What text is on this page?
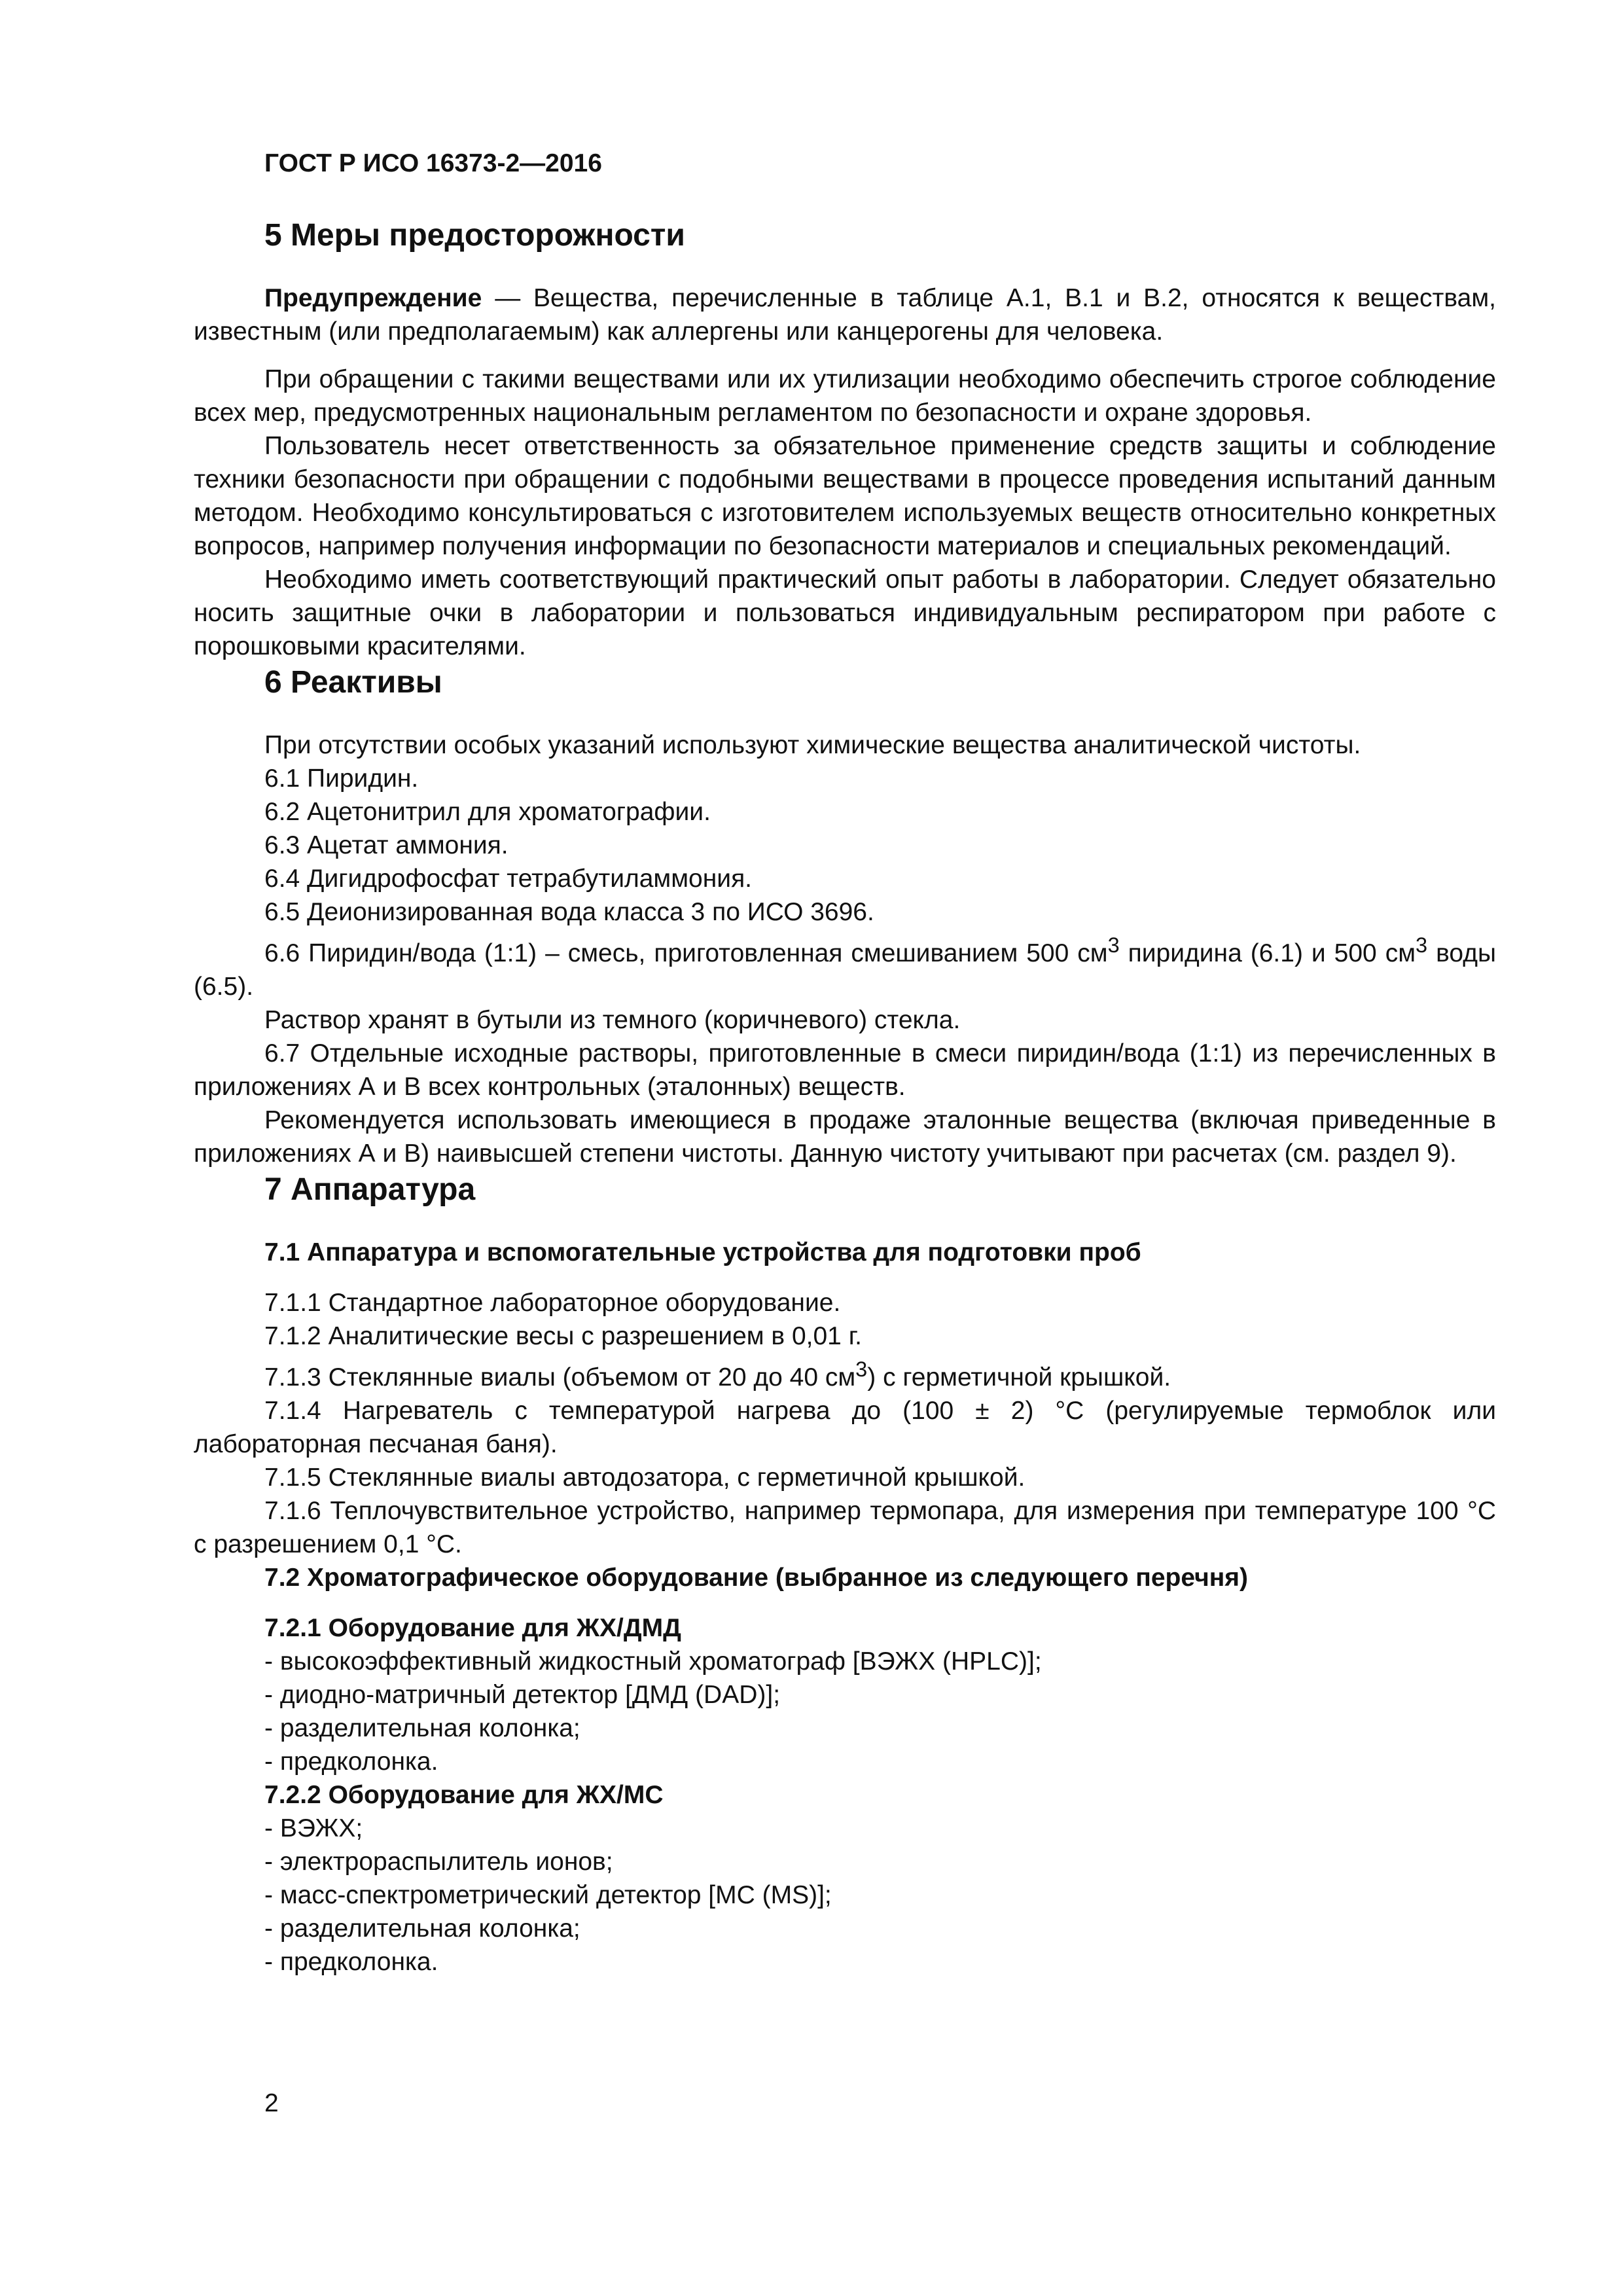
ГОСТ Р ИСО 16373-2—2016

5 Меры предосторожности

Предупреждение — Вещества, перечисленные в таблице А.1, В.1 и В.2, относятся к веществам, известным (или предполагаемым) как аллергены или канцерогены для человека.

При обращении с такими веществами или их утилизации необходимо обеспечить строгое соблюдение всех мер, предусмотренных национальным регламентом по безопасности и охране здоровья.

Пользователь несет ответственность за обязательное применение средств защиты и соблюдение техники безопасности при обращении с подобными веществами в процессе проведения испытаний данным методом. Необходимо консультироваться с изготовителем используемых веществ относительно конкретных вопросов, например получения информации по безопасности материалов и специальных рекомендаций.

Необходимо иметь соответствующий практический опыт работы в лаборатории. Следует обязательно носить защитные очки в лаборатории и пользоваться индивидуальным респиратором при работе с порошковыми красителями.

6 Реактивы

При отсутствии особых указаний используют химические вещества аналитической чистоты.

6.1 Пиридин.

6.2 Ацетонитрил для хроматографии.

6.3 Ацетат аммония.

6.4 Дигидрофосфат тетрабутиламмония.

6.5 Деионизированная вода класса 3 по ИСО 3696.

6.6 Пиридин/вода (1:1) – смесь, приготовленная смешиванием 500 $см^3$ пиридина (6.1) и 500 $см^3$ воды (6.5).

Раствор хранят в бутыли из темного (коричневого) стекла.

6.7 Отдельные исходные растворы, приготовленные в смеси пиридин/вода (1:1) из перечисленных в приложениях А и В всех контрольных (эталонных) веществ.

Рекомендуется использовать имеющиеся в продаже эталонные вещества (включая приведенные в приложениях А и В) наивысшей степени чистоты. Данную чистоту учитывают при расчетах (см. раздел 9).

7 Аппаратура
7.1 Аппаратура и вспомогательные устройства для подготовки проб

7.1.1 Стандартное лабораторное оборудование.

7.1.2 Аналитические весы с разрешением в 0,01 г.

7.1.3 Стеклянные виалы (объемом от 20 до 40 $см^3$) с герметичной крышкой.

7.1.4 Нагреватель с температурой нагрева до (100 ± 2) °С (регулируемые термоблок или лабораторная песчаная баня).

7.1.5 Стеклянные виалы автодозатора, с герметичной крышкой.

7.1.6 Теплочувствительное устройство, например термопара, для измерения при температуре 100 °С с разрешением 0,1 °С.

7.2 Хроматографическое оборудование (выбранное из следующего перечня)
7.2.1 Оборудование для ЖХ/ДМД
- высокоэффективный жидкостный хроматограф [ВЭЖХ (HPLC)];
- диодно-матричный детектор [ДМД (DAD)];
- разделительная колонка;
- предколонка.
7.2.2 Оборудование для ЖХ/МС
- ВЭЖХ;
- электрораспылитель ионов;
- масс-спектрометрический детектор [МС (MS)];
- разделительная колонка;
- предколонка.

2
